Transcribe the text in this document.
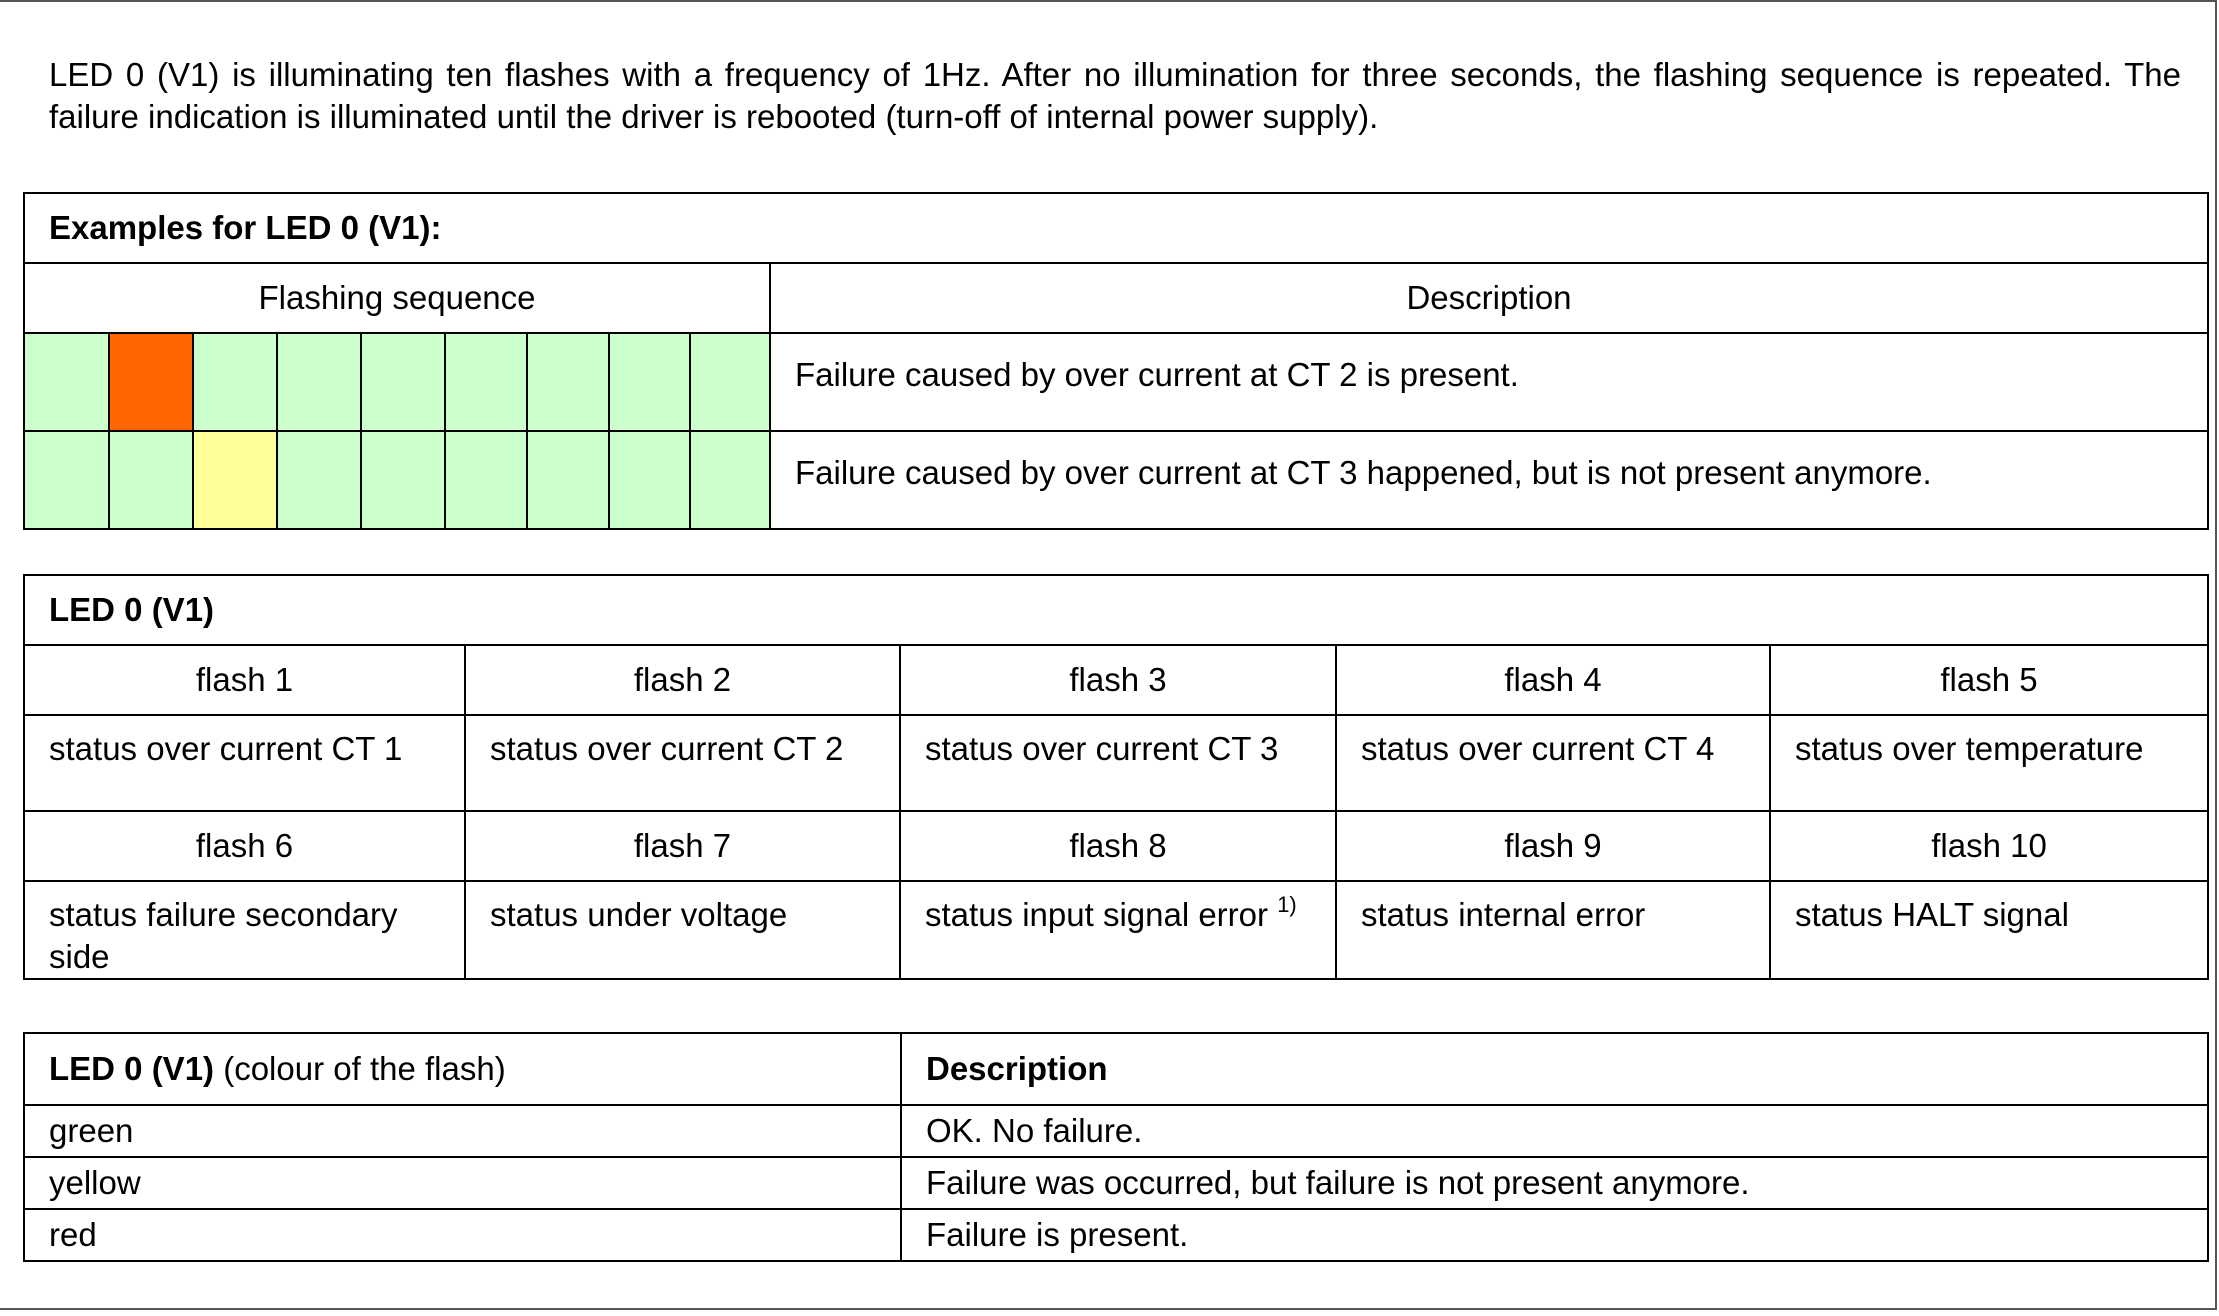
LED 0 (V1) is illuminating ten flashes with a frequency of 1Hz. After no illumination for three seconds, the flashing sequence is repeated. The failure indication is illuminated until the driver is rebooted (turn-off of internal power supply).
Examples for LED 0 (V1):									
Flashing sequence									Description
									Failure caused by over current at CT 2 is present.
									Failure caused by over current at CT 3 happened, but is not present anymore.
LED 0 (V1)				
flash 1	flash 2	flash 3	flash 4	flash 5
status over current CT 1	status over current CT 2	status over current CT 3	status over current CT 4	status over temperature
flash 6	flash 7	flash 8	flash 9	flash 10
status failure secondary side	status under voltage	status input signal error $^{1)}$	status internal error	status HALT signal
LED 0 (V1) (colour of the flash)	Description
green	OK. No failure.
yellow	Failure was occurred, but failure is not present anymore.
red	Failure is present.
